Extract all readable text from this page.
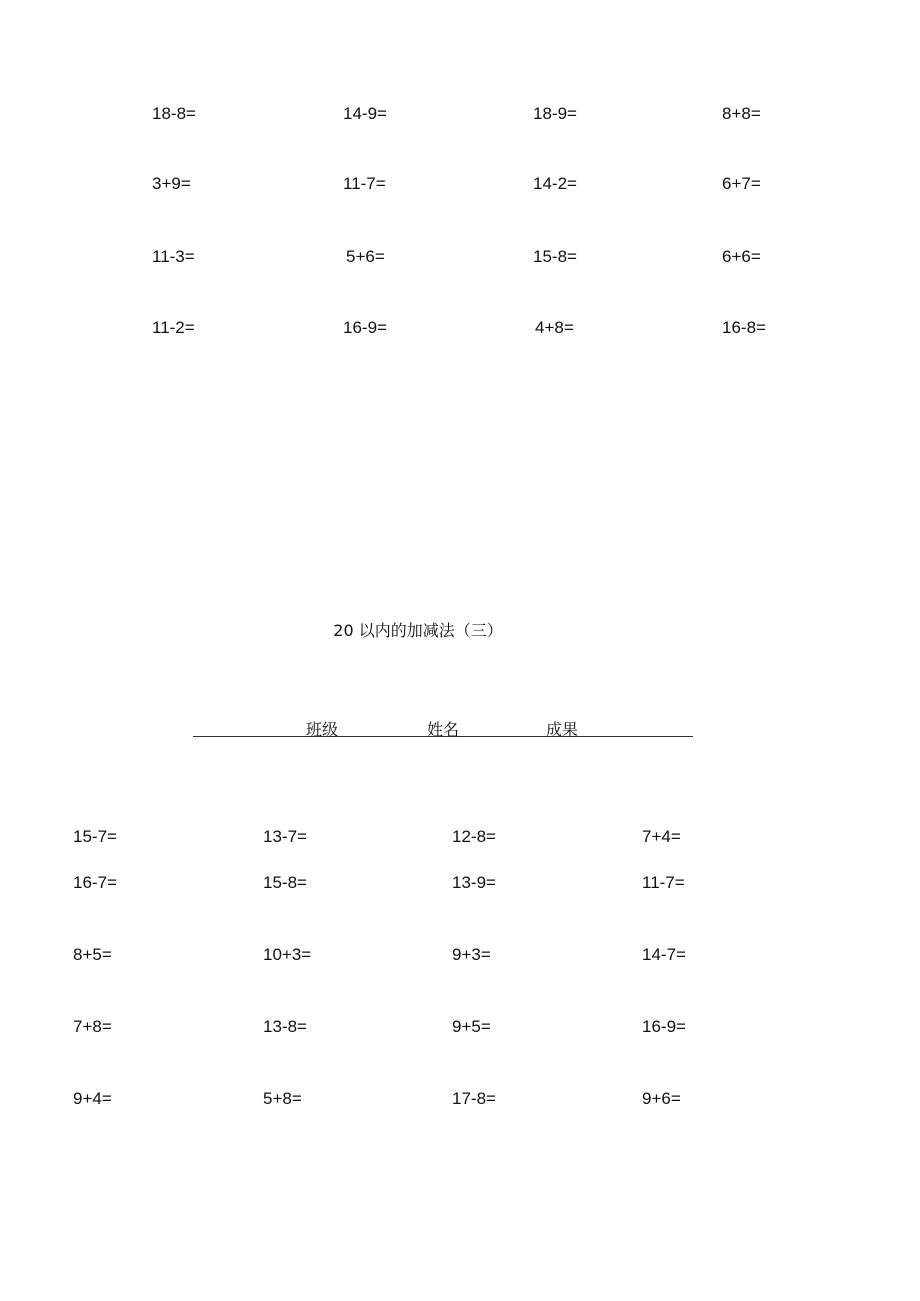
18-8=	14-9=	18-9=	8+8=
3+9=	11-7=	14-2=	6+7=
11-3=	5+6=	15-8=	6+6=
11-2=	16-9=	4+8=	16-8=
20 以内的加减法（三）
班级	姓名	成果
15-7=	13-7=	12-8=	7+4=
16-7=	15-8=	13-9=	11-7=
8+5=	10+3=	9+3=	14-7=
7+8=	13-8=	9+5=	16-9=
9+4=	5+8=	17-8=	9+6=
